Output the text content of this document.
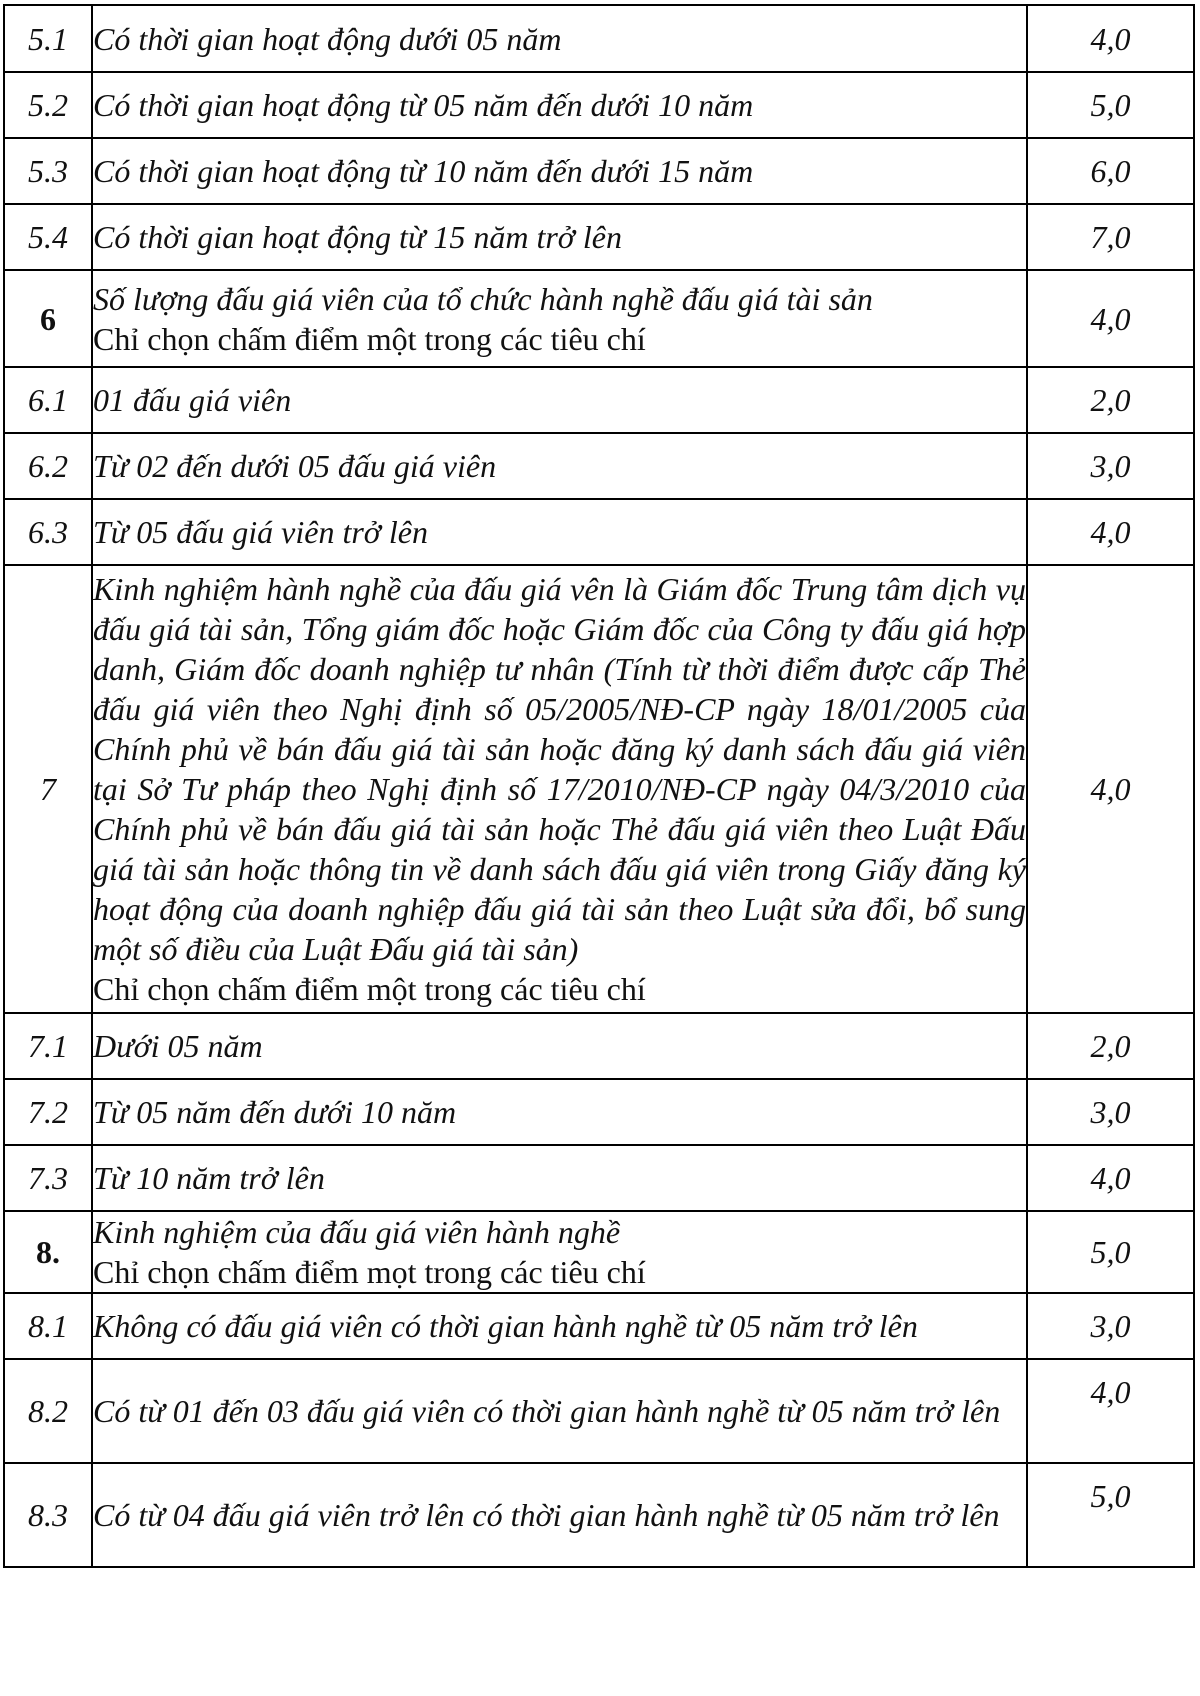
5.1	Có thời gian hoạt động dưới 05 năm	4,0
5.2	Có thời gian hoạt động từ 05 năm đến dưới 10 năm	5,0
5.3	Có thời gian hoạt động từ 10 năm đến dưới 15 năm	6,0
5.4	Có thời gian hoạt động từ 15 năm trở lên	7,0
6	Số lượng đấu giá viên của tổ chức hành nghề đấu giá tài sản
Chỉ chọn chấm điểm một trong các tiêu chí	4,0
6.1	01 đấu giá viên	2,0
6.2	Từ 02 đến dưới 05 đấu giá viên	3,0
6.3	Từ 05 đấu giá viên trở lên	4,0
7	Kinh nghiệm hành nghề của đấu giá vên là Giám đốc Trung tâm dịch vụ đấu giá tài sản, Tổng giám đốc hoặc Giám đốc của Công ty đấu giá hợp danh, Giám đốc doanh nghiệp tư nhân (Tính từ thời điểm được cấp Thẻ đấu giá viên theo Nghị định số 05/2005/NĐ-CP ngày 18/01/2005 của Chính phủ về bán đấu giá tài sản hoặc đăng ký danh sách đấu giá viên tại Sở Tư pháp theo Nghị định số 17/2010/NĐ-CP ngày 04/3/2010 của Chính phủ về bán đấu giá tài sản hoặc Thẻ đấu giá viên theo Luật Đấu giá tài sản hoặc thông tin về danh sách đấu giá viên trong Giấy đăng ký hoạt động của doanh nghiệp đấu giá tài sản theo Luật sửa đổi, bổ sung một số điều của Luật Đấu giá tài sản)
Chỉ chọn chấm điểm một trong các tiêu chí	4,0
7.1	Dưới 05 năm	2,0
7.2	Từ 05 năm đến dưới 10 năm	3,0
7.3	Từ 10 năm trở lên	4,0
8.	Kinh nghiệm của đấu giá viên hành nghề
Chỉ chọn chấm điểm mọt trong các tiêu chí	5,0
8.1	Không có đấu giá viên có thời gian hành nghề từ 05 năm trở lên	3,0
8.2	Có từ 01 đến 03 đấu giá viên có thời gian hành nghề từ 05 năm trở lên	4,0
8.3	Có từ 04 đấu giá viên trở lên có thời gian hành nghề từ 05 năm trở lên	5,0
